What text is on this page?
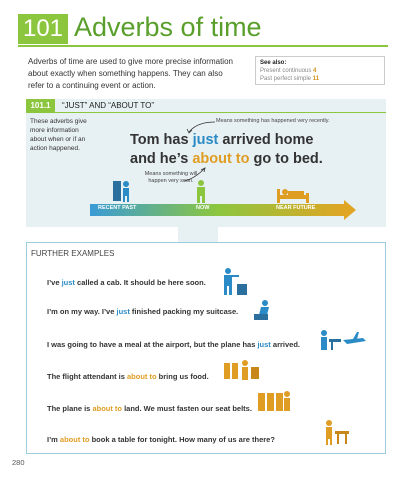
101 Adverbs of time
Adverbs of time are used to give more precise information about exactly when something happens. They can also refer to a continuing event or action.
See also:
Present continuous 4
Past perfect simple 11
101.1	“JUST” AND “ABOUT TO”
These adverbs give more information about when or if an action happened.
Means something has happened very recently.
Tom has just arrived home
and he’s about to go to bed.
Means something will happen very soon.
RECENT PAST	NOW	NEAR FUTURE
FURTHER EXAMPLES
I’ve just called a cab. It should be here soon.
I’m on my way. I’ve just finished packing my suitcase.
I was going to have a meal at the airport, but the plane has just arrived.
The flight attendant is about to bring us food.
The plane is about to land. We must fasten our seat belts.
I’m about to book a table for tonight. How many of us are there?
280
